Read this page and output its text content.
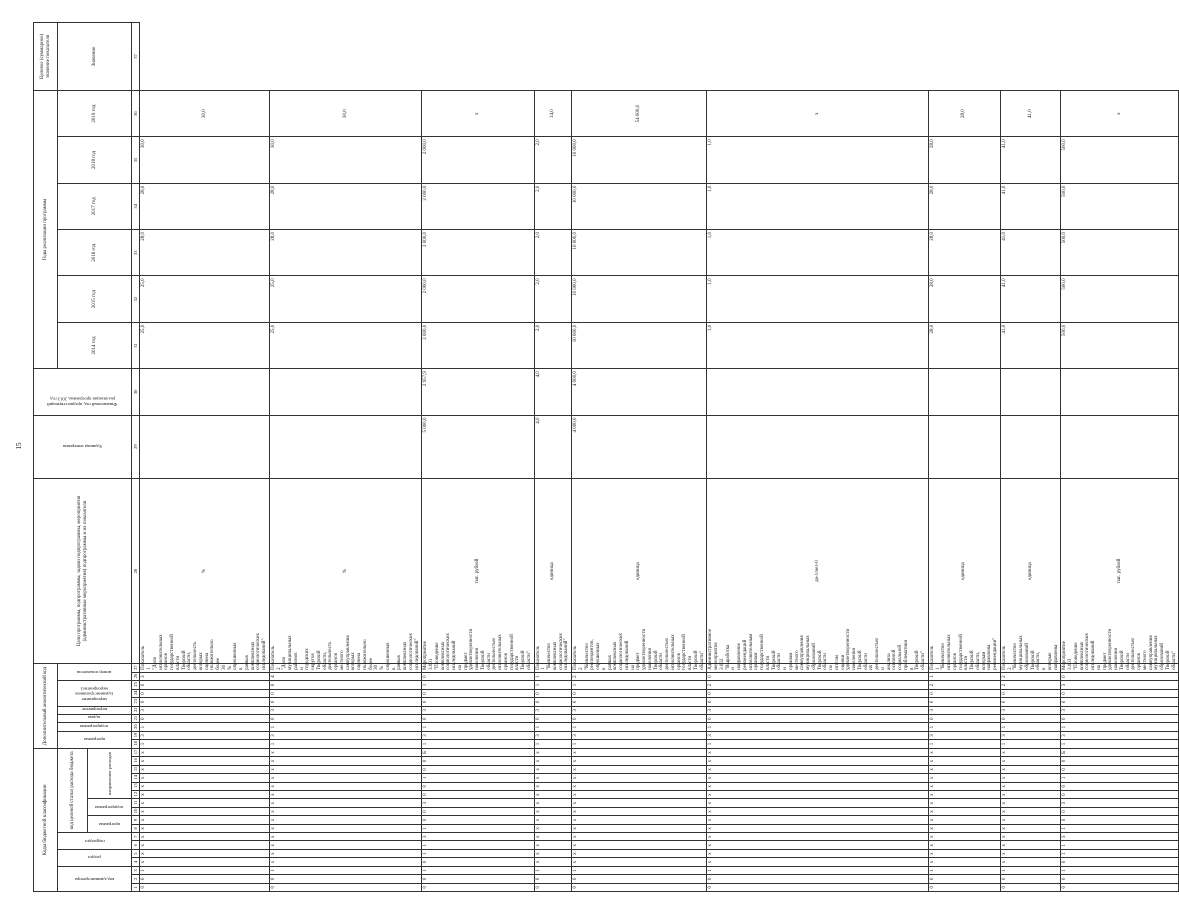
15
Коды бюджетной классификации																	Дополнительный аналитический код										Цели программы, подпрограммы, задачи подпрограммы, мероприятия (административные мероприятия) подпрограммы и их показатели	Единица измерения	Финансовый год, предшествующий реализации программы, 2013 год	Годы реализации программы						Целевое (суммарное) значение показателя

код администратора			раздел		подраздел		код целевой статьи расхода бюджета										программа		подпрограмма	задача	мероприятие	мероприятие (административное мероприятие)			номер показателя					2014 год	2015 год	2016 год	2017 год	2018 год	2019 год	Значение

							программа		подпрограмма		направление расходов																									
1	2	3	4	5	6	7	8	9	10	11	12	13	14	15	16	17	18	19	20	21	22	23	24	25	26	27	28	29	30	31	32	33	34	35	36	37
0	0	1	x	x	x	x	x	x	x	x	x	x	x	x	x	x	1	3	1	0	3	0	0	0	3	Показатель 1 "Доля исполнительных органов государственной власти Тверской области, деятельность которых оценена положительно более 30 % опрошенных в рамках комплексных социологических исследований"	%			25,0	25,0	28,0	28,0	30,0	30,0	
0	0	1	x	x	x	x	x	x	x	x	x	x	x	x	x	x	1	3	1	0	3	0	0	0	4	Показатель 2 "Доля муниципальных районов и городских округов Тверской области, деятельность органов местного самоуправления которых оценена положительно более 30 % опрошенных в рамках комплексных социологических исследований"	%			25,0	25,0	28,0	28,0	30,0	30,0	
0	0	1	0	1	1	3	1	0	0	3	0	0	1	0	0	Б	1	3	1	0	3	0	0	1	0	Мероприятие 3.001 "Проведение комплексных социологических исследований на предмет удовлетворенности населения Тверской области деятельностью исполнительных органов государственной власти Тверской области"	тыс. рублей	5 000,0	2 957,9	2 000,0	2 000,0	2 000,0	2 000,0	2 000,0	x	
0	0	1	x	x	x	x	x	x	x	x	x	x	x	x	x	x	1	3	1	0	3	0	0	1	1	Показатель 1 "Количество комплексных социологических исследований"	единица	4,0	4,0	2,0	2,0	2,0	2,0	2,0	14,0	
0	0	1	x	x	x	x	x	x	x	x	x	x	x	x	x	x	1	3	1	0	3	0	0	1	2	Показатель 2 "Количество респондентов, опрошенных в рамках комплексных социологических исследований на предмет удовлетворенности населения Тверской области деятельностью исполнительных органов государственной власти Тверской области"	единица	4 000,0	4 000,0	10 000,0	10 000,0	10 000,0	10 000,0	10 000,0	54 000,0	
0	0	1	x	x	x	x	x	x	x	x	x	x	x	x	x	x	1	3	1	0	3	0	0	2	0	Административное мероприятие 3.002 "Выработка и направление рекомендаций исполнительным органам государственной власти Тверской области и органам местного самоуправления муниципальных образований Тверской области по итогам оценки удовлетворенности населения Тверской области их деятельностью и анализа основной социальной проблематики в Тверской области"	да-1/нет-0			1,0	1,0	1,0	1,0	1,0	x	
0	0	1	x	x	x	x	x	x	x	x	x	x	x	x	x	x	1	3	1	0	3	0	0	2	1	Показатель 1 "Количество исполнительных органов государственной власти Тверской области, которым направлены рекомендации"	единица			28,0	28,0	28,0	28,0	28,0	28,0	
0	0	1	x	x	x	x	x	x	x	x	x	x	x	x	x	x	1	3	1	0	3	0	0	2	2	Показатель 2 "Количество муниципальных образований Тверской области, в которые направлены	единица			41,0	41,0	41,0	41,0	41,0	41,0	
0	0	1	0	1	1	3	1	0	0	3	0	0	1	0	0	Б	1	3	1	0	3	0	0	3	0	Мероприятие 3.003 "Проведение комплексных социологических исследований на предмет удовлетворенности населения Тверской области деятельностью органов местного самоуправления муниципальных образований Тверской области"	тыс. рублей			500,0	500,0	500,0	500,0	500,0	x	
